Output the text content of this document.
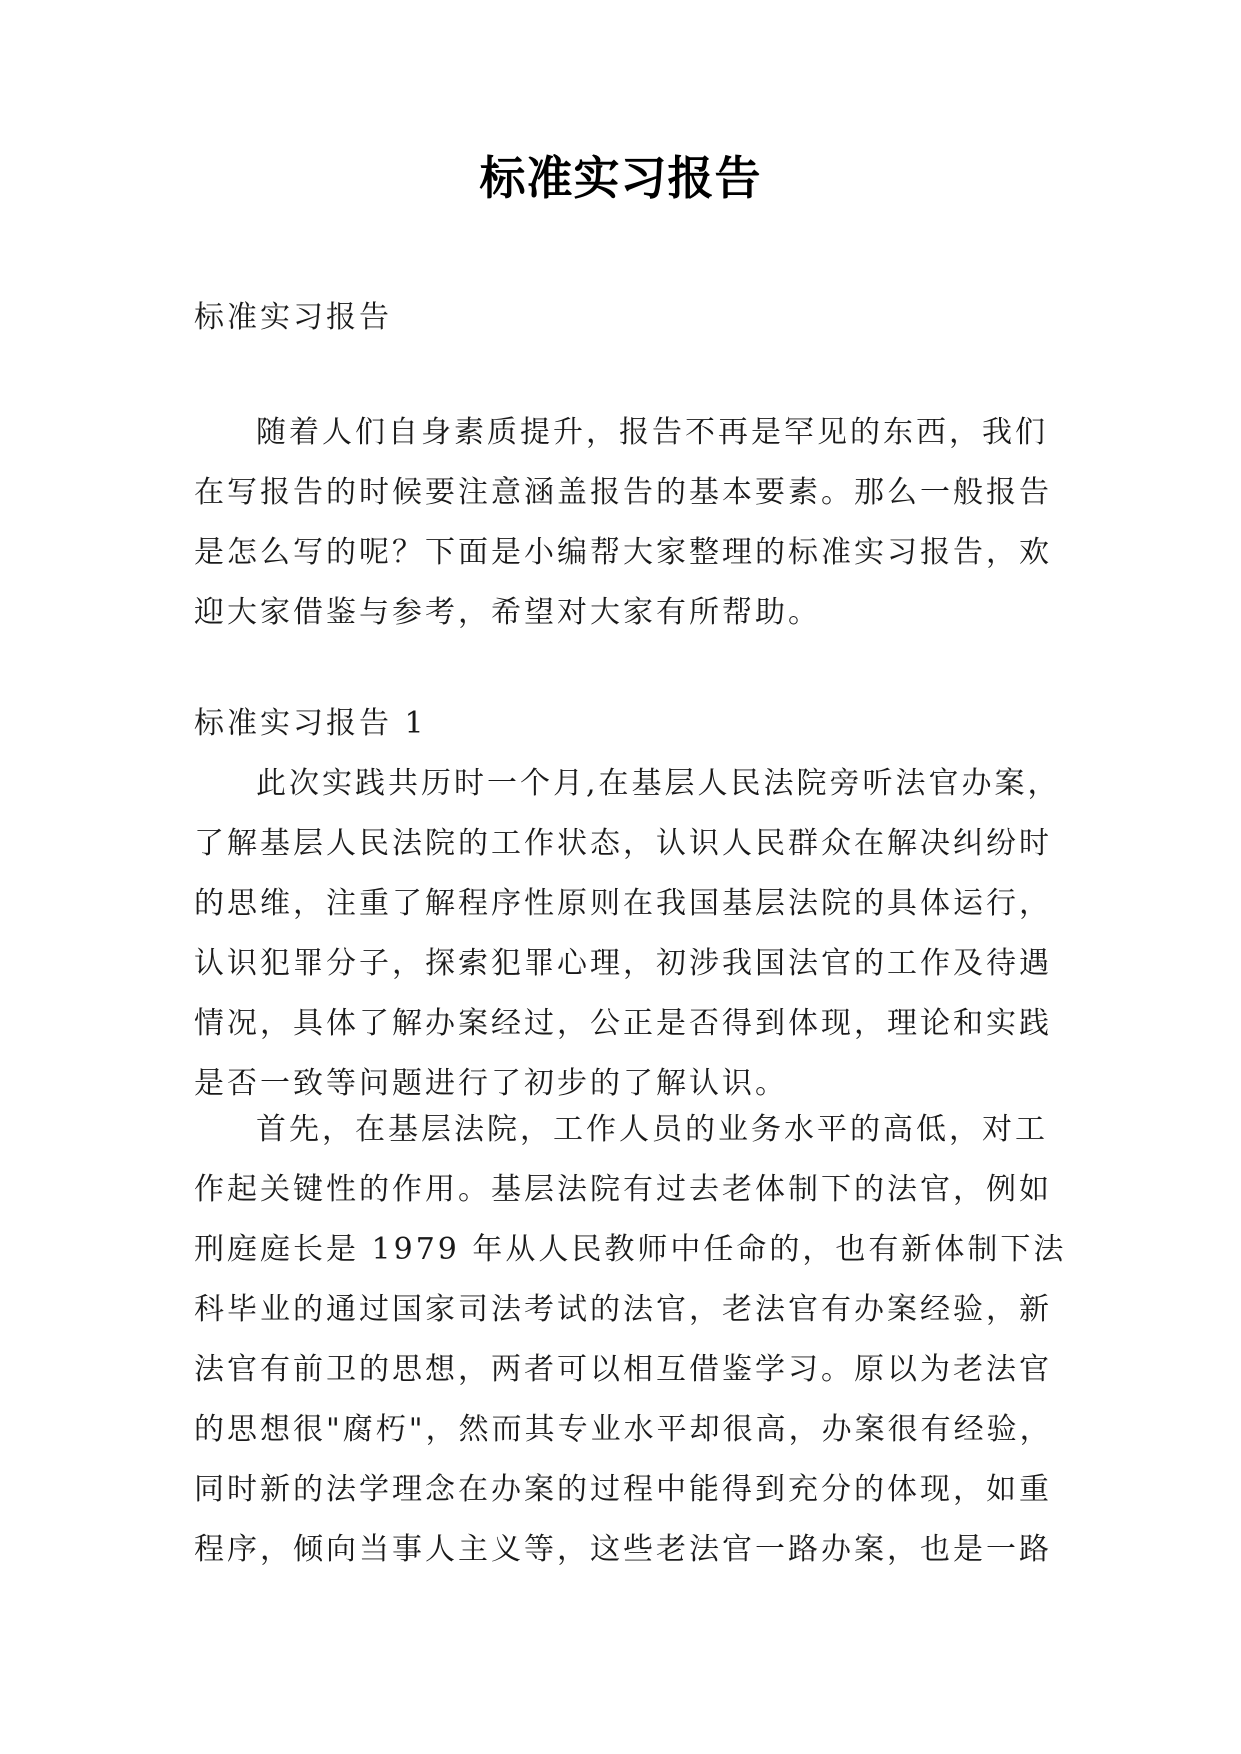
标准实习报告

标准实习报告

随着人们自身素质提升，报告不再是罕见的东西，我们在写报告的时候要注意涵盖报告的基本要素。那么一般报告是怎么写的呢？下面是小编帮大家整理的标准实习报告，欢迎大家借鉴与参考，希望对大家有所帮助。

标准实习报告 1

此次实践共历时一个月,在基层人民法院旁听法官办案，了解基层人民法院的工作状态，认识人民群众在解决纠纷时的思维，注重了解程序性原则在我国基层法院的具体运行，认识犯罪分子，探索犯罪心理，初涉我国法官的工作及待遇情况，具体了解办案经过，公正是否得到体现，理论和实践是否一致等问题进行了初步的了解认识。

首先，在基层法院，工作人员的业务水平的高低，对工作起关键性的作用。基层法院有过去老体制下的法官，例如刑庭庭长是 1979 年从人民教师中任命的，也有新体制下法科毕业的通过国家司法考试的法官，老法官有办案经验，新法官有前卫的思想，两者可以相互借鉴学习。原以为老法官的思想很"腐朽"，然而其专业水平却很高，办案很有经验，同时新的法学理念在办案的过程中能得到充分的体现，如重程序，倾向当事人主义等，这些老法官一路办案，也是一路
